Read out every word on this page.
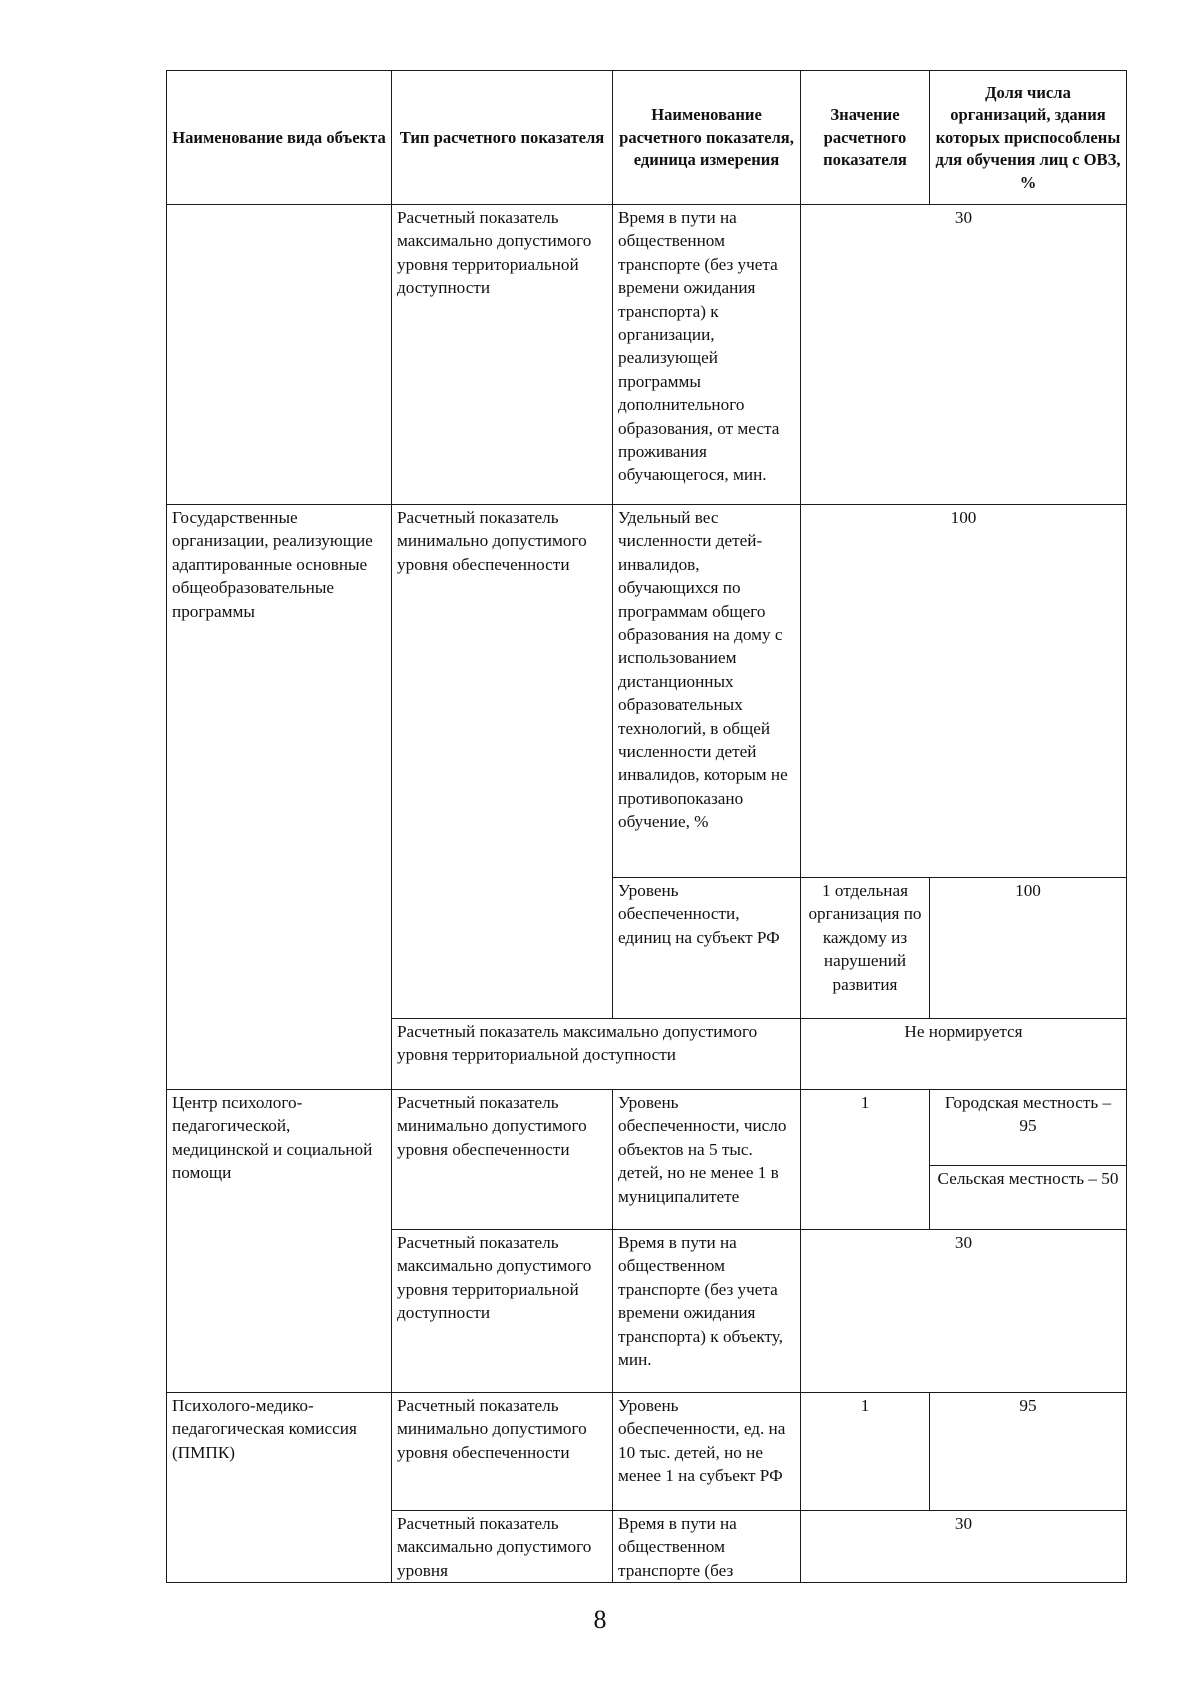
Наименование вида объекта	Тип расчетного показателя	Наименование расчетного показателя, единица измерения	Значение расчетного показателя	Доля числа организаций, здания которых приспособлены для обучения лиц с ОВЗ, %
	Расчетный показатель максимально допустимого уровня территориальной доступности	Время в пути на общественном транспорте (без учета времени ожидания транспорта) к организации, реализующей программы дополнительного образования, от места проживания обучающегося, мин.	30	
Государственные организации, реализующие адаптированные основные общеобразовательные программы	Расчетный показатель минимально допустимого уровня обеспеченности	Удельный вес численности детей-инвалидов, обучающихся по программам общего образования на дому с использованием дистанционных образовательных технологий, в общей численности детей инвалидов, которым не противопоказано обучение, %	100	
		Уровень обеспеченности, единиц на субъект РФ	1 отдельная организация по каждому из нарушений развития	100
	Расчетный показатель максимально допустимого уровня территориальной доступности		Не нормируется	
Центр психолого-педагогической, медицинской и социальной помощи	Расчетный показатель минимально допустимого уровня обеспеченности	Уровень обеспеченности, число объектов на 5 тыс. детей, но не менее 1 в муниципалитете	1	Городская местность – 95
				Сельская местность – 50
	Расчетный показатель максимально допустимого уровня территориальной доступности	Время в пути на общественном транспорте (без учета времени ожидания транспорта) к объекту, мин.	30	
Психолого-медико-педагогическая комиссия (ПМПК)	Расчетный показатель минимально допустимого уровня обеспеченности	Уровень обеспеченности, ед. на 10 тыс. детей, но не менее 1 на субъект РФ	1	95
	Расчетный показатель максимально допустимого уровня	Время в пути на общественном транспорте (без	30	
8
